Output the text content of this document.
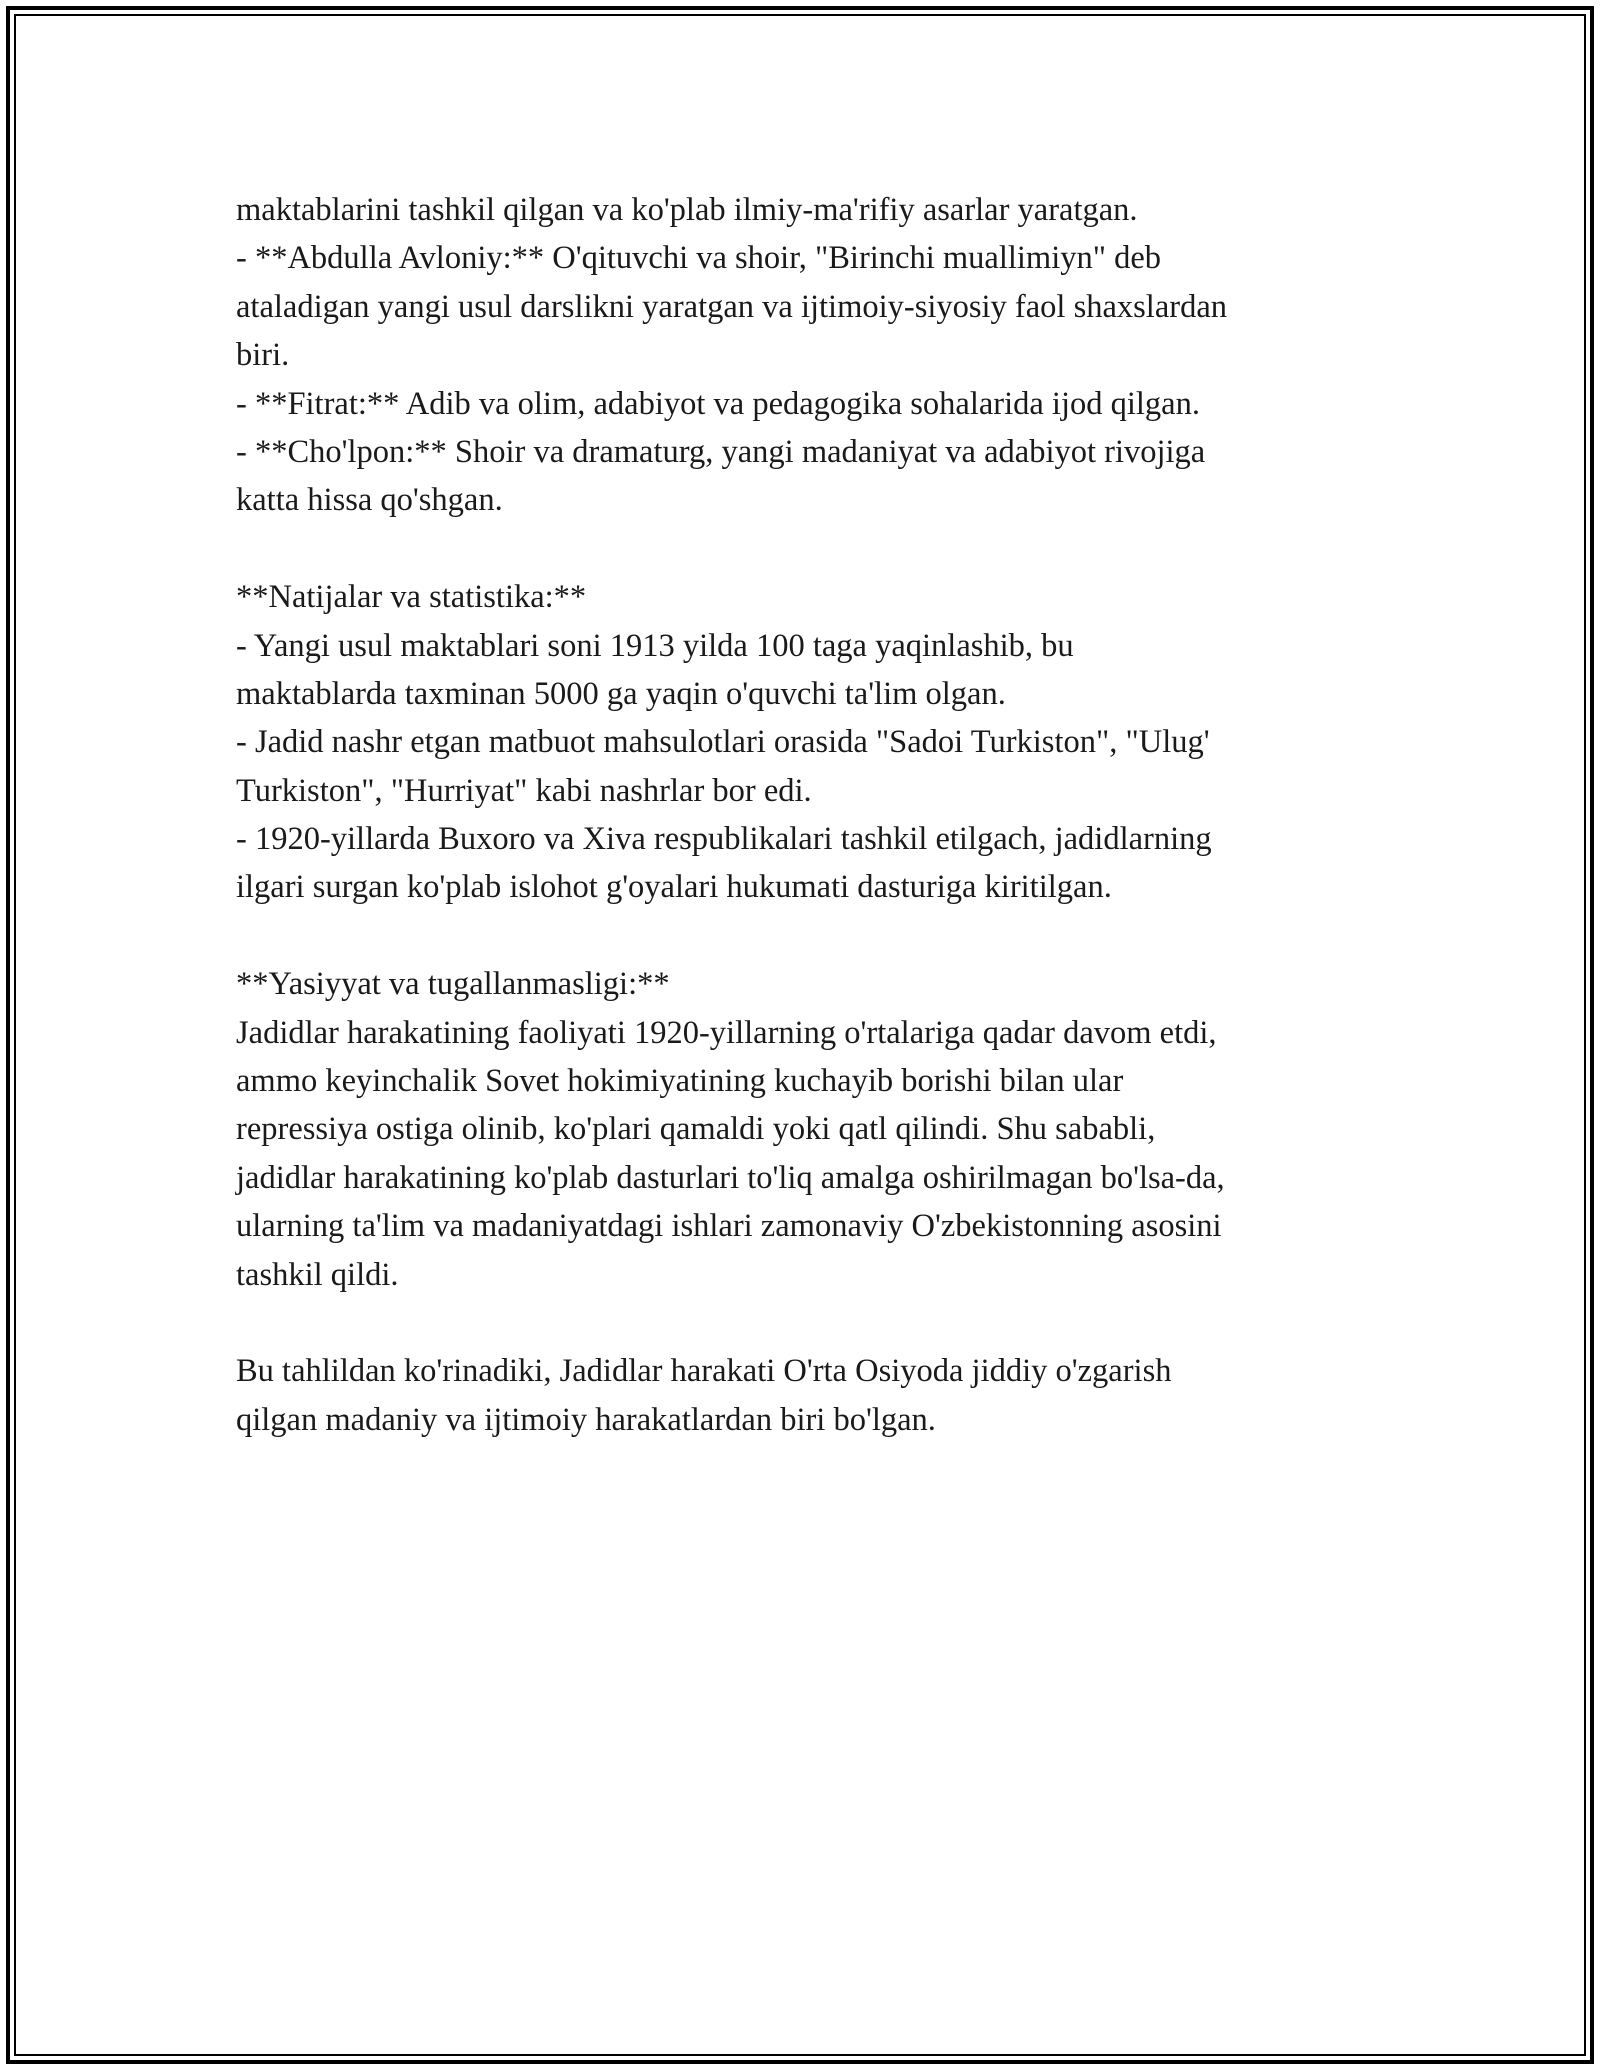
maktablarini tashkil qilgan va ko'plab ilmiy-ma'rifiy asarlar yaratgan.
- **Abdulla Avloniy:** O'qituvchi va shoir, "Birinchi muallimiyn" deb
ataladigan yangi usul darslikni yaratgan va ijtimoiy-siyosiy faol shaxslardan
biri.
- **Fitrat:** Adib va olim, adabiyot va pedagogika sohalarida ijod qilgan.
- **Cho'lpon:** Shoir va dramaturg, yangi madaniyat va adabiyot rivojiga
katta hissa qo'shgan.
**Natijalar va statistika:**
- Yangi usul maktablari soni 1913 yilda 100 taga yaqinlashib, bu
maktablarda taxminan 5000 ga yaqin o'quvchi ta'lim olgan.
- Jadid nashr etgan matbuot mahsulotlari orasida "Sadoi Turkiston", "Ulug'
Turkiston", "Hurriyat" kabi nashrlar bor edi.
- 1920-yillarda Buxoro va Xiva respublikalari tashkil etilgach, jadidlarning
ilgari surgan ko'plab islohot g'oyalari hukumati dasturiga kiritilgan.
**Yasiyyat va tugallanmasligi:**
Jadidlar harakatining faoliyati 1920-yillarning o'rtalariga qadar davom etdi,
ammo keyinchalik Sovet hokimiyatining kuchayib borishi bilan ular
repressiya ostiga olinib, ko'plari qamaldi yoki qatl qilindi. Shu sababli,
jadidlar harakatining ko'plab dasturlari to'liq amalga oshirilmagan bo'lsa-da,
ularning ta'lim va madaniyatdagi ishlari zamonaviy O'zbekistonning asosini
tashkil qildi.
Bu tahlildan ko'rinadiki, Jadidlar harakati O'rta Osiyoda jiddiy o'zgarish
qilgan madaniy va ijtimoiy harakatlardan biri bo'lgan.
